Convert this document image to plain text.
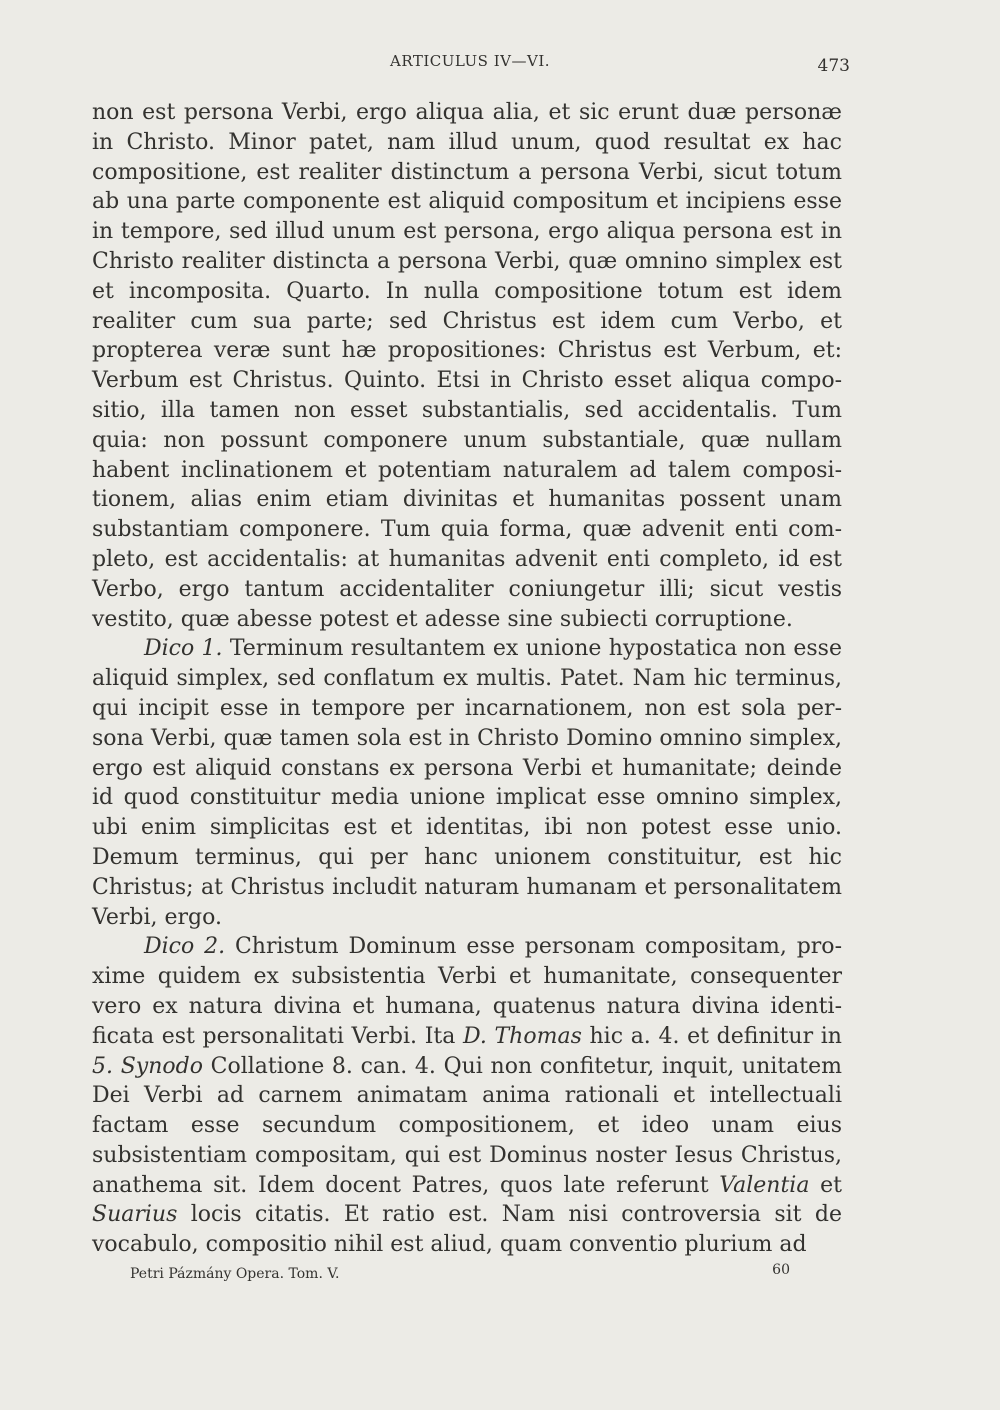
ARTICULUS IV—VI.	473

non est persona Verbi, ergo aliqua alia, et sic erunt duæ personæ in Christo. Minor patet, nam illud unum, quod resultat ex hac compositione, est realiter distinctum a persona Verbi, sicut totum ab una parte componente est aliquid compositum et incipiens esse in tempore, sed illud unum est persona, ergo aliqua persona est in Christo realiter distincta a persona Verbi, quæ omnino simplex est et incomposita. Quarto. In nulla compositione totum est idem realiter cum sua parte; sed Christus est idem cum Verbo, et propterea veræ sunt hæ propositiones: Christus est Verbum, et: Verbum est Christus. Quinto. Etsi in Christo esset aliqua compositio, illa tamen non esset substantialis, sed accidentalis. Tum quia: non possunt componere unum substantiale, quæ nullam habent inclinationem et potentiam naturalem ad talem compositionem, alias enim etiam divinitas et humanitas possent unam substantiam componere. Tum quia forma, quæ advenit enti completo, est accidentalis: at humanitas advenit enti completo, id est Verbo, ergo tantum accidentaliter coniungetur illi; sicut vestis vestito, quæ abesse potest et adesse sine subiecti corruptione.

Dico 1. Terminum resultantem ex unione hypostatica non esse aliquid simplex, sed conflatum ex multis. Patet. Nam hic terminus, qui incipit esse in tempore per incarnationem, non est sola persona Verbi, quæ tamen sola est in Christo Domino omnino simplex, ergo est aliquid constans ex persona Verbi et humanitate; deinde id quod constituitur media unione implicat esse omnino simplex, ubi enim simplicitas est et identitas, ibi non potest esse unio. Demum terminus, qui per hanc unionem constituitur, est hic Christus; at Christus includit naturam humanam et personalitatem Verbi, ergo.

Dico 2. Christum Dominum esse personam compositam, proxime quidem ex subsistentia Verbi et humanitate, consequenter vero ex natura divina et humana, quatenus natura divina identificata est personalitati Verbi. Ita D. Thomas hic a. 4. et definitur in 5. Synodo Collatione 8. can. 4. Qui non confitetur, inquit, unitatem Dei Verbi ad carnem animatam anima rationali et intellectuali factam esse secundum compositionem, et ideo unam eius subsistentiam compositam, qui est Dominus noster Iesus Christus, anathema sit. Idem docent Patres, quos late referunt Valentia et Suarius locis citatis. Et ratio est. Nam nisi controversia sit de vocabulo, compositio nihil est aliud, quam conventio plurium ad

Petri Pázmány Opera. Tom. V.	60
